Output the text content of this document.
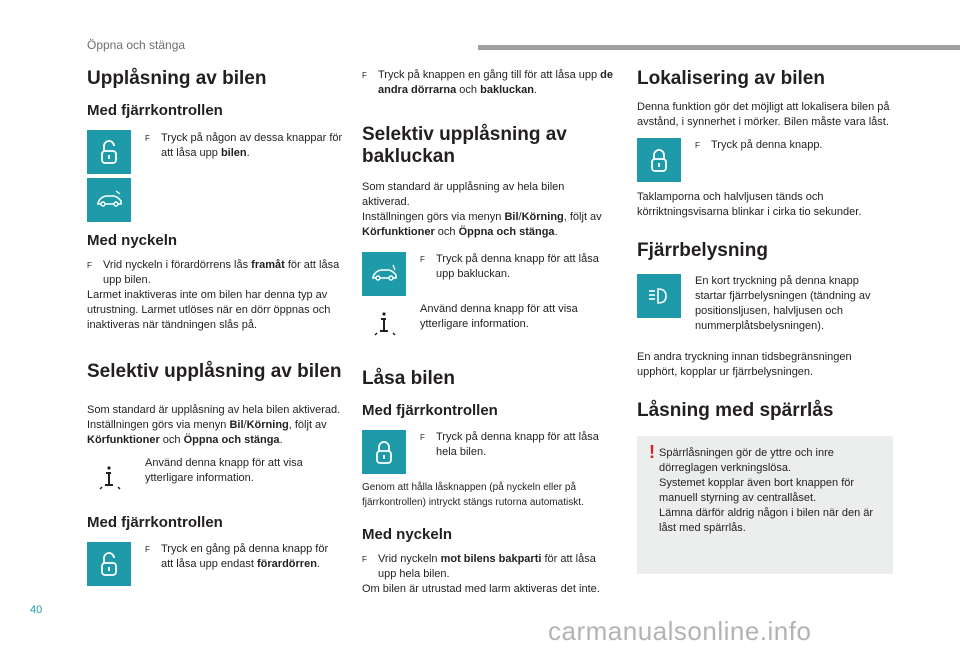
Öppna och stänga
Upplåsning av bilen
Med fjärrkontrollen
F	Tryck på någon av dessa knappar för att låsa upp bilen.
Med nyckeln
F	Vrid nyckeln i förardörrens lås framåt för att låsa upp bilen.

Larmet inaktiveras inte om bilen har denna typ av utrustning. Larmet utlöses när en dörr öppnas och inaktiveras när tändningen slås på.

Selektiv upplåsning av bilen

Som standard är upplåsning av hela bilen aktiverad.

Inställningen görs via menyn Bil/Körning, följt av Körfunktioner och Öppna och stänga.

Använd denna knapp för att visa ytterligare information.
Med fjärrkontrollen
F	Tryck en gång på denna knapp för att låsa upp endast förardörren.
F	Tryck på knappen en gång till för att låsa upp de andra dörrarna och bakluckan.
Selektiv upplåsning av bakluckan

Som standard är upplåsning av hela bilen aktiverad.

Inställningen görs via menyn Bil/Körning, följt av Körfunktioner och Öppna och stänga.

F	Tryck på denna knapp för att låsa upp bakluckan.
Använd denna knapp för att visa ytterligare information.
Låsa bilen
Med fjärrkontrollen
F	Tryck på denna knapp för att låsa hela bilen.

Genom att hålla låsknappen (på nyckeln eller på fjärrkontrollen) intryckt stängs rutorna automatiskt.

Med nyckeln
F	Vrid nyckeln mot bilens bakparti för att låsa upp hela bilen.

Om bilen är utrustad med larm aktiveras det inte.

Lokalisering av bilen

Denna funktion gör det möjligt att lokalisera bilen på avstånd, i synnerhet i mörker. Bilen måste vara låst.

F	Tryck på denna knapp.

Taklamporna och halvljusen tänds och körriktningsvisarna blinkar i cirka tio sekunder.

Fjärrbelysning
En kort tryckning på denna knapp startar fjärrbelysningen (tändning av positionsljusen, halvljusen och nummerplåtsbelysningen).

En andra tryckning innan tidsbegränsningen upphört, kopplar ur fjärrbelysningen.

Låsning med spärrlås
! Spärrlåsningen gör de yttre och inre dörreglagen verkningslösa.
Systemet kopplar även bort knappen för manuell styrning av centrallåset.
Lämna därför aldrig någon i bilen när den är låst med spärrlås.
40
carmanualsonline.info
